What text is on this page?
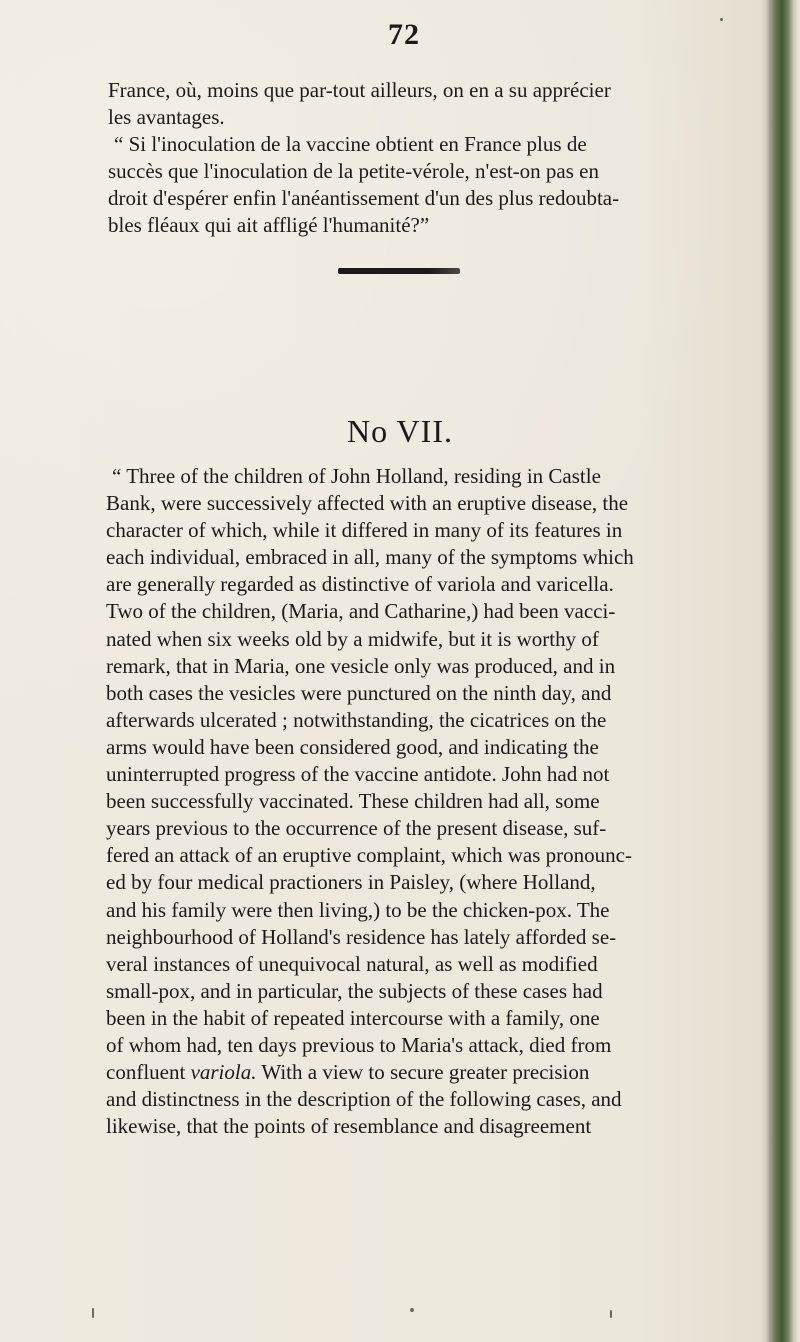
72
France, où, moins que par-tout ailleurs, on en a su apprécier
les avantages.
“ Si l'inoculation de la vaccine obtient en France plus de
succès que l'inoculation de la petite-vérole, n'est-on pas en
droit d'espérer enfin l'anéantissement d'un des plus redoubta-
bles fléaux qui ait affligé l'humanité?”
No VII.
“ Three of the children of John Holland, residing in Castle
Bank, were successively affected with an eruptive disease, the
character of which, while it differed in many of its features in
each individual, embraced in all, many of the symptoms which
are generally regarded as distinctive of variola and varicella.
Two of the children, (Maria, and Catharine,) had been vacci-
nated when six weeks old by a midwife, but it is worthy of
remark, that in Maria, one vesicle only was produced, and in
both cases the vesicles were punctured on the ninth day, and
afterwards ulcerated ; notwithstanding, the cicatrices on the
arms would have been considered good, and indicating the
uninterrupted progress of the vaccine antidote. John had not
been successfully vaccinated. These children had all, some
years previous to the occurrence of the present disease, suf-
fered an attack of an eruptive complaint, which was pronounc-
ed by four medical practioners in Paisley, (where Holland,
and his family were then living,) to be the chicken-pox. The
neighbourhood of Holland's residence has lately afforded se-
veral instances of unequivocal natural, as well as modified
small-pox, and in particular, the subjects of these cases had
been in the habit of repeated intercourse with a family, one
of whom had, ten days previous to Maria's attack, died from
confluent variola. With a view to secure greater precision
and distinctness in the description of the following cases, and
likewise, that the points of resemblance and disagreement
